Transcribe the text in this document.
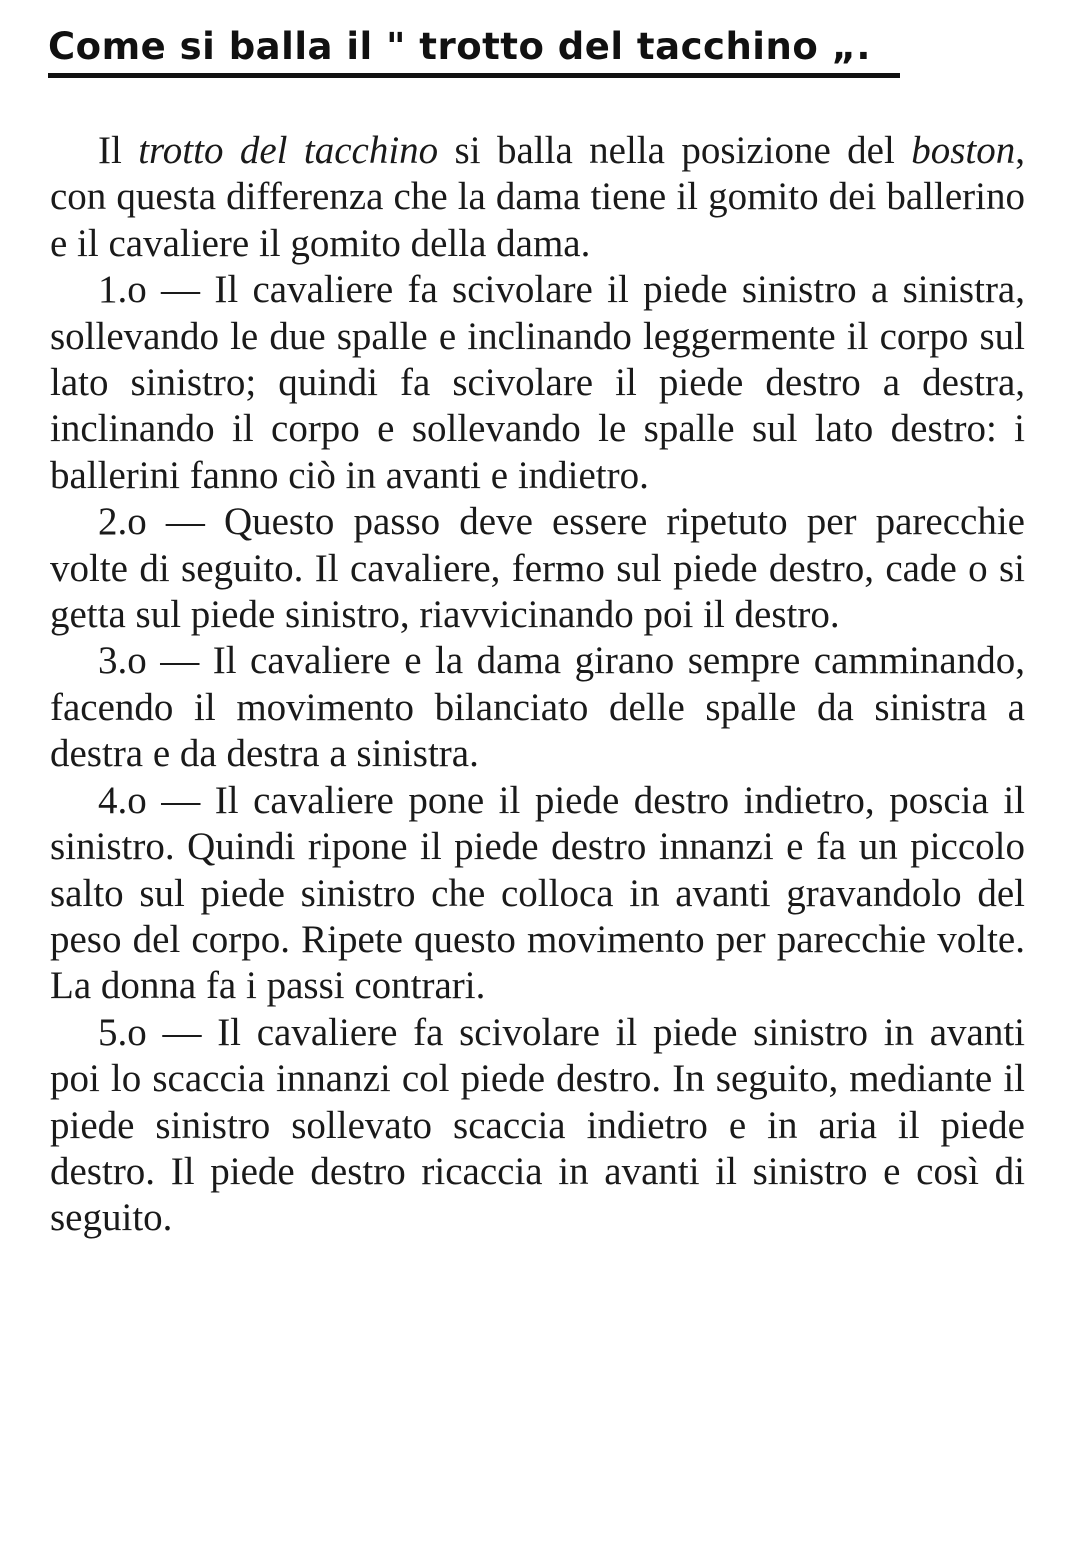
Come si balla il " trotto del tacchino „.

Il trotto del tacchino si balla nella posizione del boston, con questa differenza che la dama tiene il gomito dei ballerino e il cavaliere il gomito della dama.

1.o — Il cavaliere fa scivolare il piede sinistro a sinistra, sollevando le due spalle e inclinando leggermente il corpo sul lato sinistro; quindi fa scivolare il piede destro a destra, inclinando il corpo e sollevando le spalle sul lato destro: i ballerini fanno ciò in avanti e indietro.

2.o — Questo passo deve essere ripetuto per parecchie volte di seguito. Il cavaliere, fermo sul piede destro, cade o si getta sul piede sinistro, riavvicinando poi il destro.

3.o — Il cavaliere e la dama girano sempre camminando, facendo il movimento bilanciato delle spalle da sinistra a destra e da destra a sinistra.

4.o — Il cavaliere pone il piede destro indietro, poscia il sinistro. Quindi ripone il piede destro innanzi e fa un piccolo salto sul piede sinistro che colloca in avanti gravandolo del peso del corpo. Ripete questo movimento per parecchie volte. La donna fa i passi contrari.

5.o — Il cavaliere fa scivolare il piede sinistro in avanti poi lo scaccia innanzi col piede destro. In seguito, mediante il piede sinistro sollevato scaccia indietro e in aria il piede destro. Il piede destro ricaccia in avanti il sinistro e così di seguito.
